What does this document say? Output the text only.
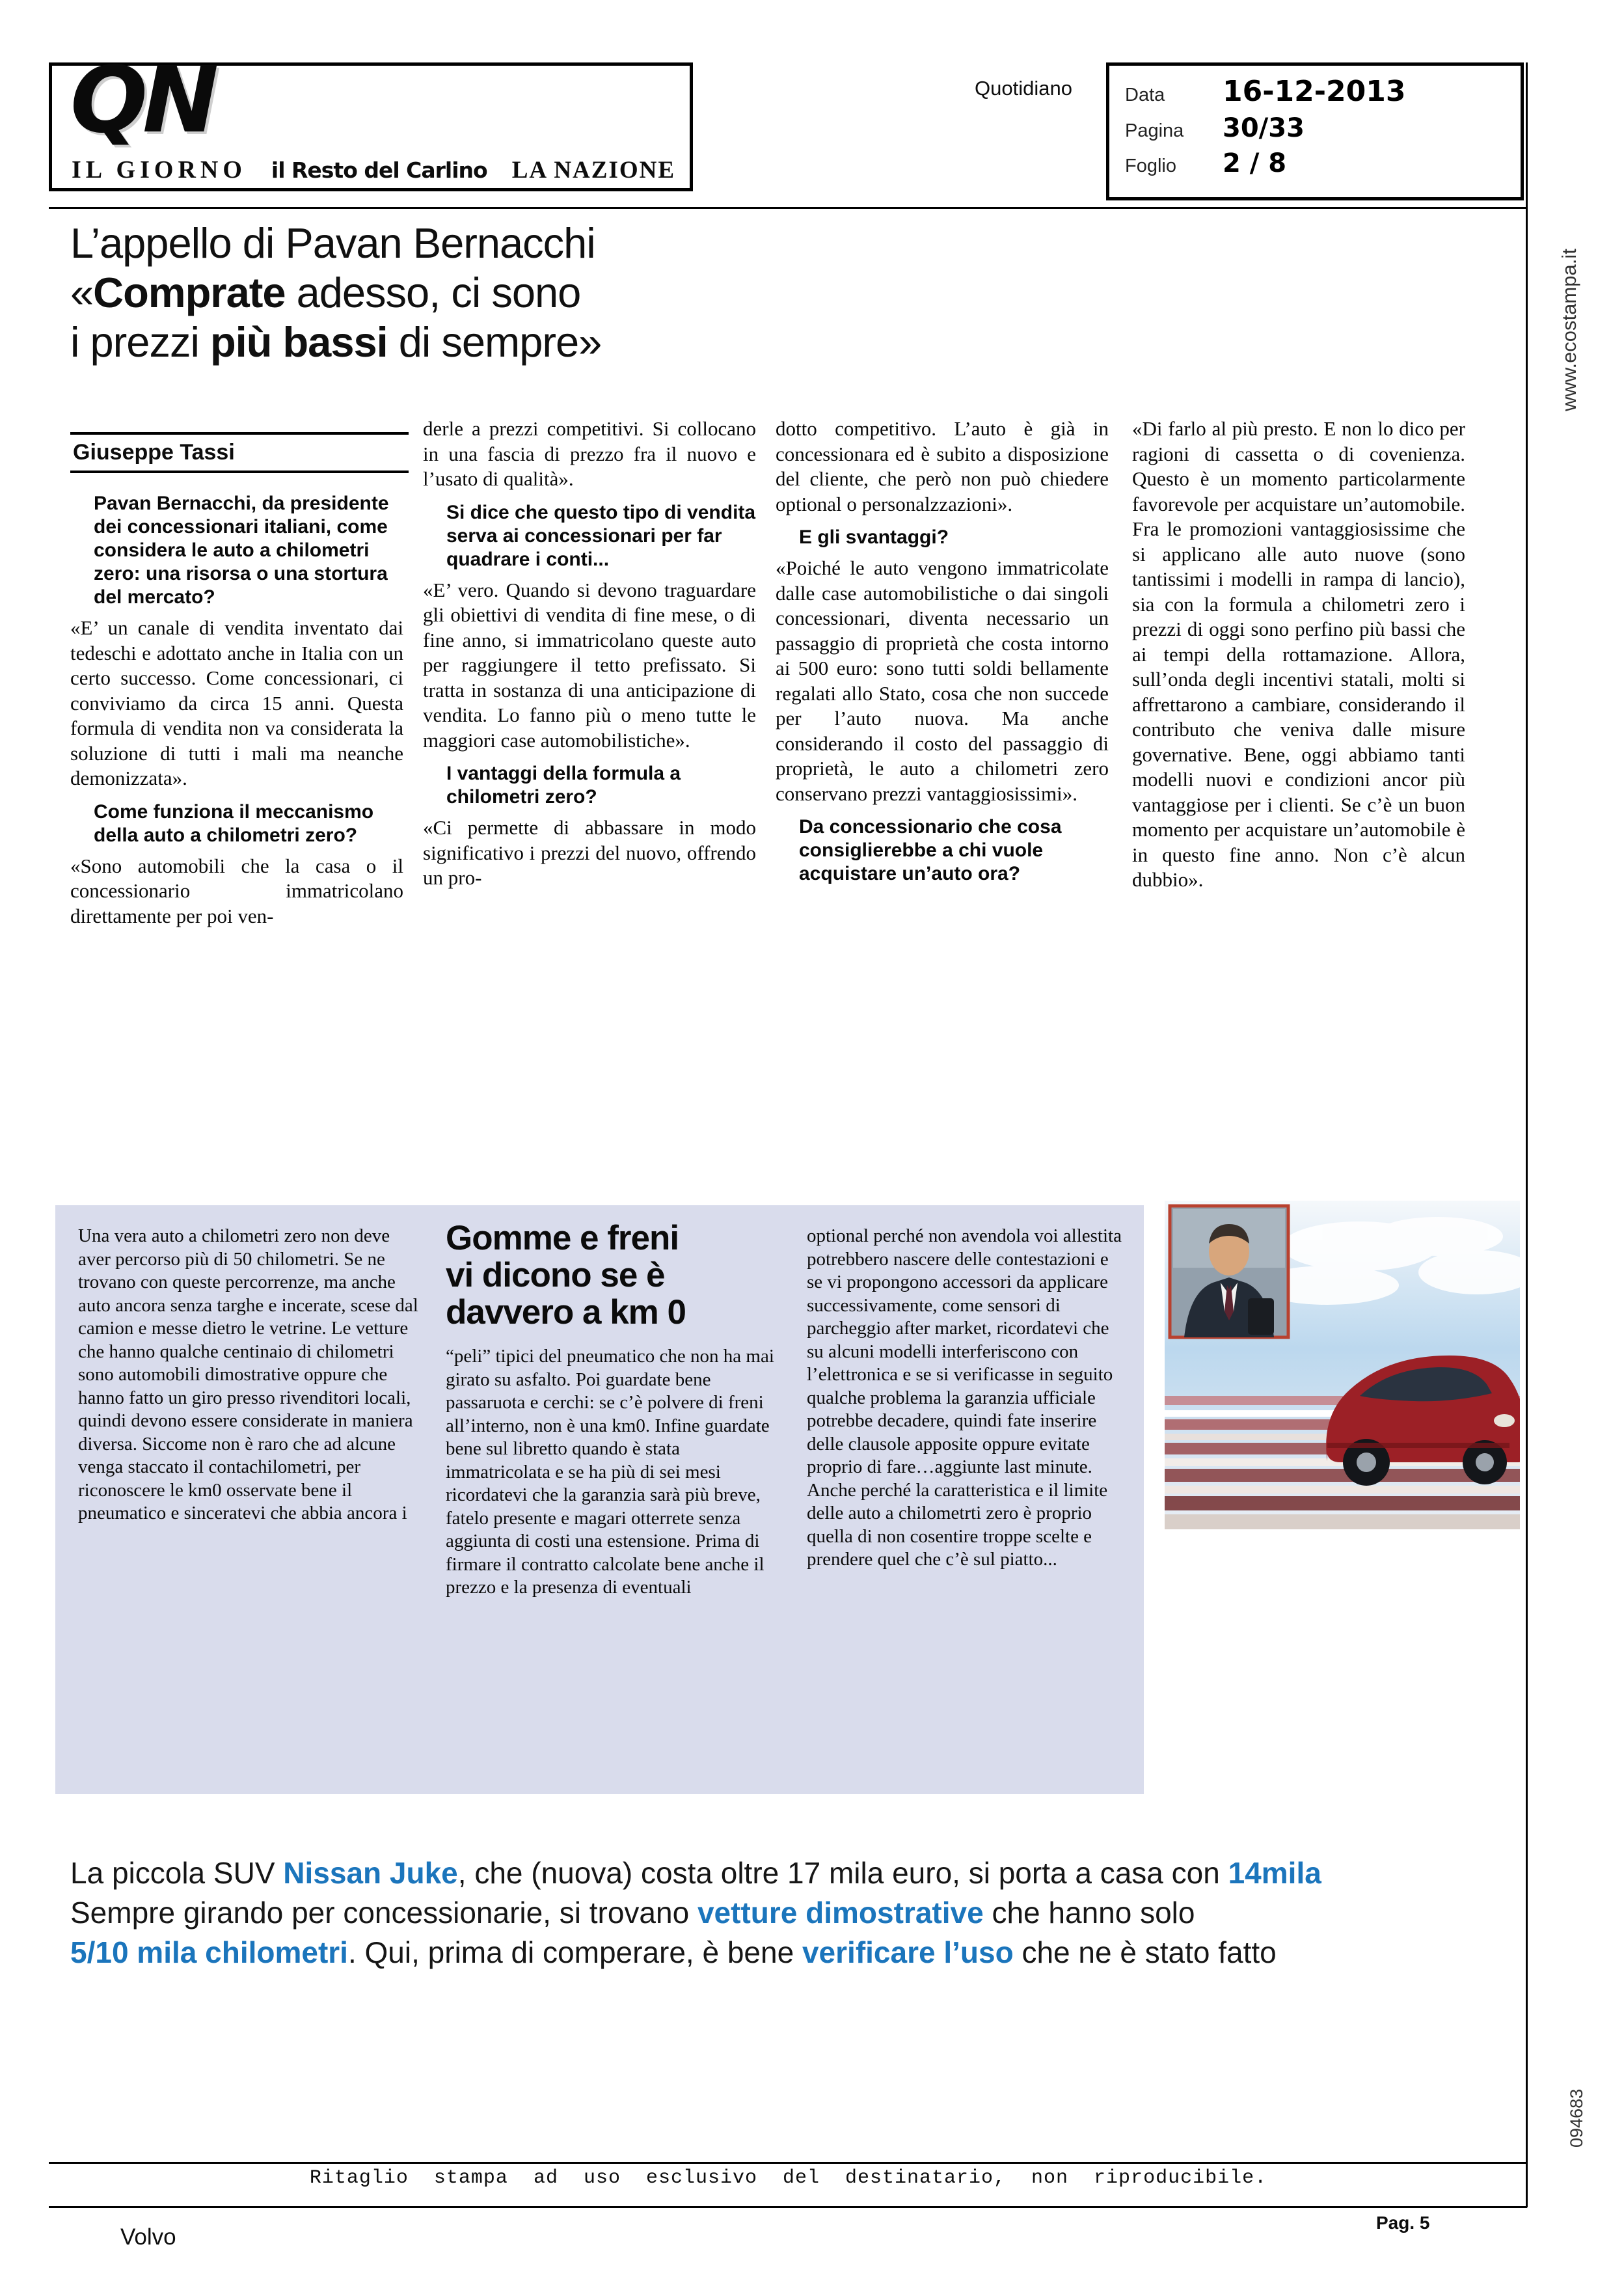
QN
IL GIORNO il Resto del Carlino LA NAZIONE
Quotidiano	Data	16-12-2013
Pagina	30/33
Foglio	2 / 8
L’appello di Pavan Bernacchi
«Comprate adesso, ci sono
i prezzi più bassi di sempre»
Giuseppe Tassi

Pavan Bernacchi, da presidente dei concessionari italiani, come considera le auto a chilometri zero: una risorsa o una stortura del mercato?

«E’ un canale di vendita inventato dai tedeschi e adottato anche in Italia con un certo successo. Come concessionari, ci conviviamo da circa 15 anni. Questa formula di vendita non va considerata la soluzione di tutti i mali ma neanche demonizzata».

Come funziona il meccanismo della auto a chilometri zero?

«Sono automobili che la casa o il concessionario immatricolano direttamente per poi ven-

derle a prezzi competitivi. Si collocano in una fascia di prezzo fra il nuovo e l’usato di qualità».

Si dice che questo tipo di vendita serva ai concessionari per far quadrare i conti...

«E’ vero. Quando si devono traguardare gli obiettivi di vendita di fine mese, o di fine anno, si immatricolano queste auto per raggiungere il tetto prefissato. Si tratta in sostanza di una anticipazione di vendita. Lo fanno più o meno tutte le maggiori case automobilistiche».

I vantaggi della formula a chilometri zero?

«Ci permette di abbassare in modo significativo i prezzi del nuovo, offrendo un pro-

dotto competitivo. L’auto è già in concessionara ed è subito a disposizione del cliente, che però non può chiedere optional o personalzzazioni».

E gli svantaggi?

«Poiché le auto vengono immatricolate dalle case automobilistiche o dai singoli concessionari, diventa necessario un passaggio di proprietà che costa intorno ai 500 euro: sono tutti soldi bellamente regalati allo Stato, cosa che non succede per l’auto nuova. Ma anche considerando il costo del passaggio di proprietà, le auto a chilometri zero conservano prezzi vantaggiosissimi».

Da concessionario che cosa consiglierebbe a chi vuole acquistare un’auto ora?

«Di farlo al più presto. E non lo dico per ragioni di cassetta o di covenienza. Questo è un momento particolarmente favorevole per acquistare un’automobile. Fra le promozioni vantaggiosissime che si applicano alle auto nuove (sono tantissimi i modelli in rampa di lancio), sia con la formula a chilometri zero i prezzi di oggi sono perfino più bassi che ai tempi della rottamazione. Allora, sull’onda degli incentivi statali, molti si affrettarono a cambiare, considerando il contributo che veniva dalle misure governative. Bene, oggi abbiamo tanti modelli nuovi e condizioni ancor più vantaggiose per i clienti. Se c’è un buon momento per acquistare un’automobile è in questo fine anno. Non c’è alcun dubbio».

Una vera auto a chilometri zero non deve aver percorso più di 50 chilometri. Se ne trovano con queste percorrenze, ma anche auto ancora senza targhe e incerate, scese dal camion e messe dietro le vetrine. Le vetture che hanno qualche centinaio di chilometri sono automobili dimostrative oppure che hanno fatto un giro presso rivenditori locali, quindi devono essere considerate in maniera diversa. Siccome non è raro che ad alcune venga staccato il contachilometri, per riconoscere le km0 osservate bene il pneumatico e sinceratevi che abbia ancora i
Gomme e freni
vi dicono se è
davvero a km 0
“peli” tipici del pneumatico che non ha mai girato su asfalto. Poi guardate bene passaruota e cerchi: se c’è polvere di freni all’interno, non è una km0. Infine guardate bene sul libretto quando è stata immatricolata e se ha più di sei mesi ricordatevi che la garanzia sarà più breve, fatelo presente e magari otterrete senza aggiunta di costi una estensione. Prima di firmare il contratto calcolate bene anche il prezzo e la presenza di eventuali
optional perché non avendola voi allestita potrebbero nascere delle contestazioni e se vi propongono accessori da applicare successivamente, come sensori di parcheggio after market, ricordatevi che su alcuni modelli interferiscono con l’elettronica e se si verificasse in seguito qualche problema la garanzia ufficiale potrebbe decadere, quindi fate inserire delle clausole apposite oppure evitate proprio di fare…aggiunte last minute. Anche perché la caratteristica e il limite delle auto a chilometrti zero è proprio quella di non cosentire troppe scelte e prendere quel che c’è sul piatto...
La piccola SUV Nissan Juke, che (nuova) costa oltre 17 mila euro, si porta a casa con 14mila
Sempre girando per concessionarie, si trovano vetture dimostrative che hanno solo
5/10 mila chilometri. Qui, prima di comperare, è bene verificare l’uso che ne è stato fatto
Ritaglio stampa ad uso esclusivo del destinatario, non riproducibile.
Volvo
Pag. 5
www.ecostampa.it
094683
